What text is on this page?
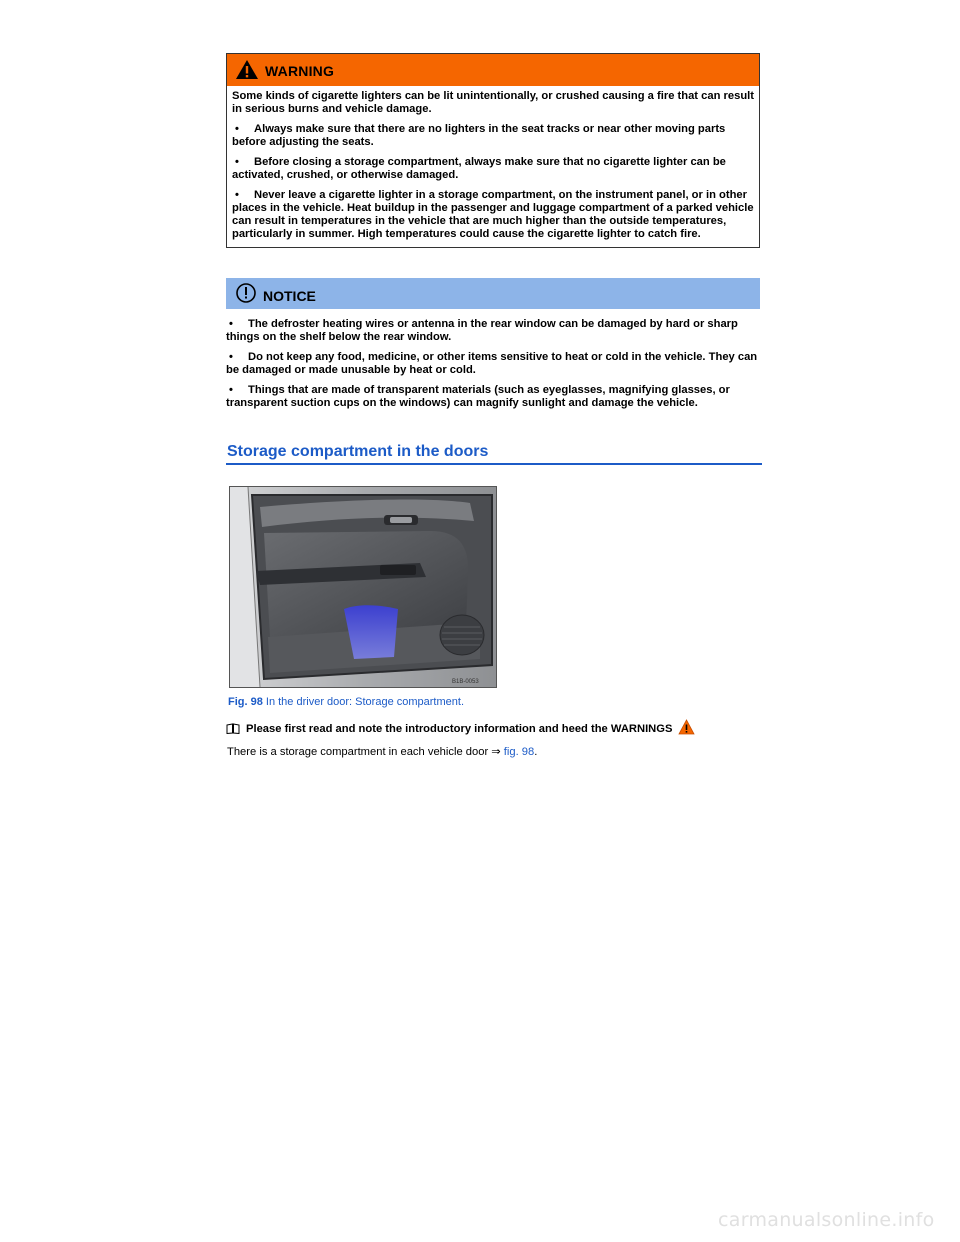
WARNING

Some kinds of cigarette lighters can be lit unintentionally, or crushed causing a fire that can result in serious burns and vehicle damage.

• Always make sure that there are no lighters in the seat tracks or near other moving parts before adjusting the seats.

• Before closing a storage compartment, always make sure that no cigarette lighter can be activated, crushed, or otherwise damaged.

• Never leave a cigarette lighter in a storage compartment, on the instrument panel, or in other places in the vehicle. Heat buildup in the passenger and luggage compartment of a parked vehicle can result in temperatures in the vehicle that are much higher than the outside temperatures, particularly in summer. High temperatures could cause the cigarette lighter to catch fire.

NOTICE

• The defroster heating wires or antenna in the rear window can be damaged by hard or sharp things on the shelf below the rear window.

• Do not keep any food, medicine, or other items sensitive to heat or cold in the vehicle. They can be damaged or made unusable by heat or cold.

• Things that are made of transparent materials (such as eyeglasses, magnifying glasses, or transparent suction cups on the windows) can magnify sunlight and damage the vehicle.

Storage compartment in the doors
B1B-0053
Fig. 98 In the driver door: Storage compartment.
Please first read and note the introductory information and heed the WARNINGS
There is a storage compartment in each vehicle door ⇒ fig. 98.
carmanualsonline.info
